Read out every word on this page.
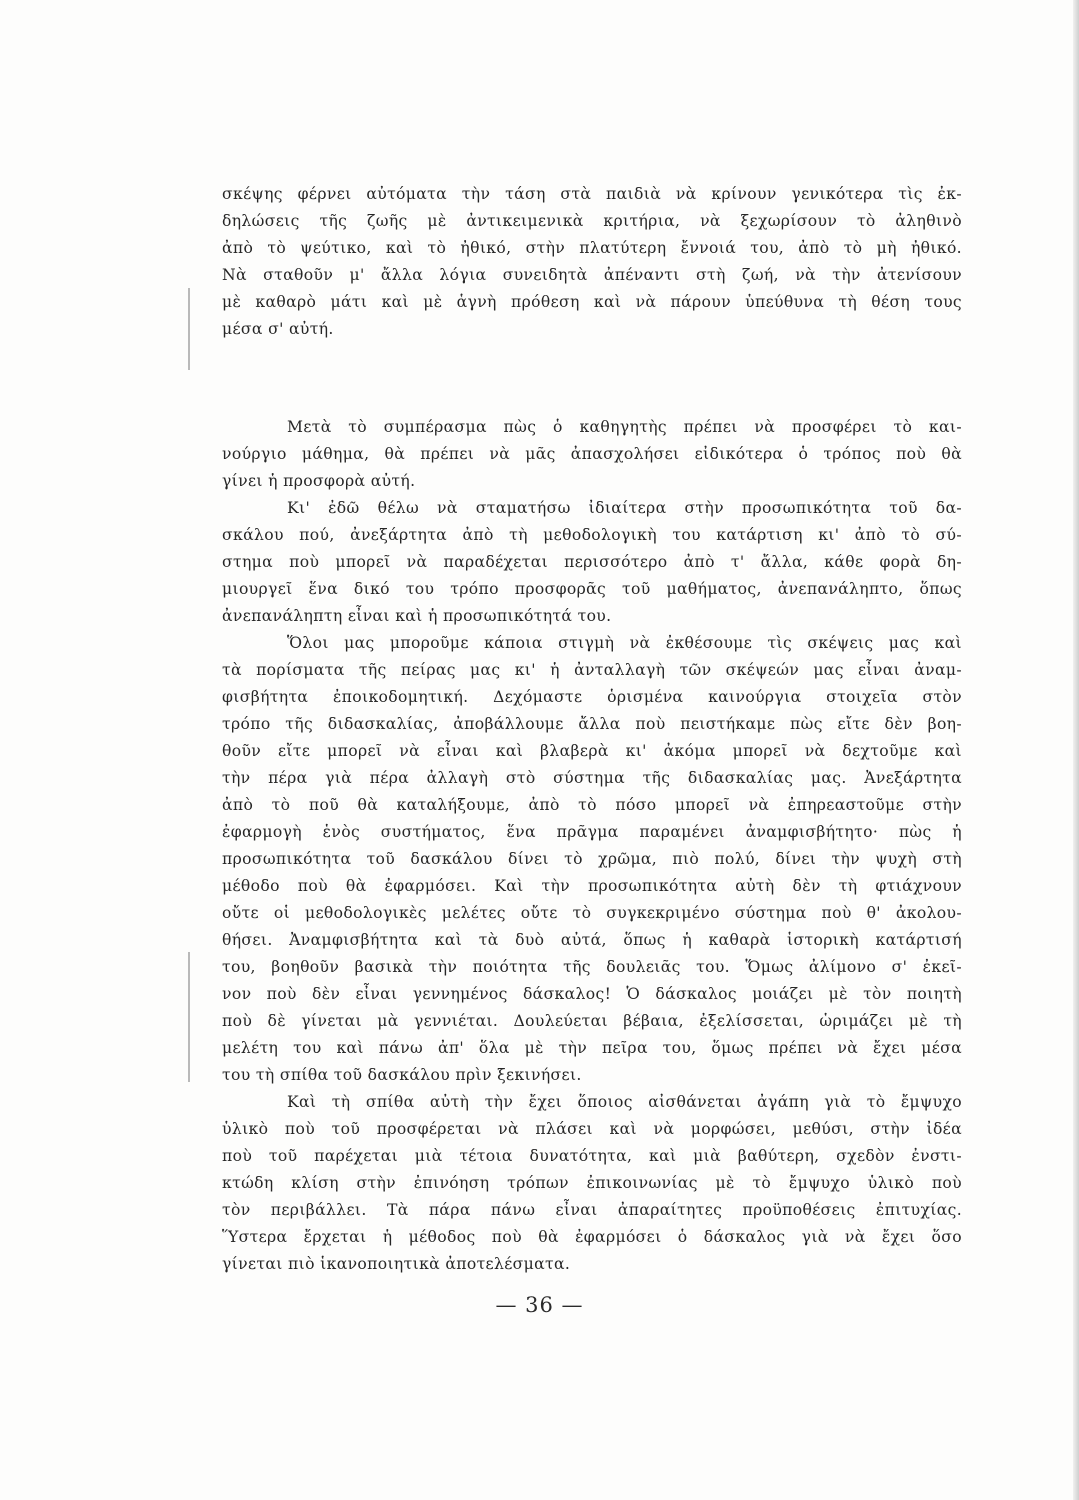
σκέψης φέρνει αὐτόματα τὴν τάση στὰ παιδιὰ νὰ κρίνουν γενικότερα τὶς ἐκ-
δηλώσεις τῆς ζωῆς μὲ ἀντικειμενικὰ κριτήρια, νὰ ξεχωρίσουν τὸ ἀληθινὸ
ἀπὸ τὸ ψεύτικο, καὶ τὸ ἠθικό, στὴν πλατύτερη ἔννοιά του, ἀπὸ τὸ μὴ ἠθικό.
Νὰ σταθοῦν μ' ἄλλα λόγια συνειδητὰ ἀπέναντι στὴ ζωή, νὰ τὴν ἀτενίσουν
μὲ καθαρὸ μάτι καὶ μὲ ἁγνὴ πρόθεση καὶ νὰ πάρουν ὑπεύθυνα τὴ θέση τους
μέσα σ' αὐτή.
Μετὰ τὸ συμπέρασμα πὼς ὁ καθηγητὴς πρέπει νὰ προσφέρει τὸ και-
νούργιο μάθημα, θὰ πρέπει νὰ μᾶς ἀπασχολήσει εἰδικότερα ὁ τρόπος ποὺ θὰ
γίνει ἡ προσφορὰ αὐτή.
Κι' ἐδῶ θέλω νὰ σταματήσω ἰδιαίτερα στὴν προσωπικότητα τοῦ δα-
σκάλου πού, ἀνεξάρτητα ἀπὸ τὴ μεθοδολογικὴ του κατάρτιση κι' ἀπὸ τὸ σύ-
στημα ποὺ μπορεῖ νὰ παραδέχεται περισσότερο ἀπὸ τ' ἄλλα, κάθε φορὰ δη-
μιουργεῖ ἕνα δικό του τρόπο προσφορᾶς τοῦ μαθήματος, ἀνεπανάληπτο, ὅπως
ἀνεπανάληπτη εἶναι καὶ ἡ προσωπικότητά του.
Ὅλοι μας μποροῦμε κάποια στιγμὴ νὰ ἐκθέσουμε τὶς σκέψεις μας καὶ
τὰ πορίσματα τῆς πείρας μας κι' ἡ ἀνταλλαγὴ τῶν σκέψεών μας εἶναι ἀναμ-
φισβήτητα ἐποικοδομητική. Δεχόμαστε ὁρισμένα καινούργια στοιχεῖα στὸν
τρόπο τῆς διδασκαλίας, ἀποβάλλουμε ἄλλα ποὺ πειστήκαμε πὼς εἴτε δὲν βοη-
θοῦν εἴτε μπορεῖ νὰ εἶναι καὶ βλαβερὰ κι' ἀκόμα μπορεῖ νὰ δεχτοῦμε καὶ
τὴν πέρα γιὰ πέρα ἀλλαγὴ στὸ σύστημα τῆς διδασκαλίας μας. Ἀνεξάρτητα
ἀπὸ τὸ ποῦ θὰ καταλήξουμε, ἀπὸ τὸ πόσο μπορεῖ νὰ ἐπηρεαστοῦμε στὴν
ἐφαρμογὴ ἑνὸς συστήματος, ἕνα πρᾶγμα παραμένει ἀναμφισβήτητο· πὼς ἡ
προσωπικότητα τοῦ δασκάλου δίνει τὸ χρῶμα, πιὸ πολύ, δίνει τὴν ψυχὴ στὴ
μέθοδο ποὺ θὰ ἐφαρμόσει. Καὶ τὴν προσωπικότητα αὐτὴ δὲν τὴ φτιάχνουν
οὔτε οἱ μεθοδολογικὲς μελέτες οὔτε τὸ συγκεκριμένο σύστημα ποὺ θ' ἀκολου-
θήσει. Ἀναμφισβήτητα καὶ τὰ δυὸ αὐτά, ὅπως ἡ καθαρὰ ἱστορικὴ κατάρτισή
του, βοηθοῦν βασικὰ τὴν ποιότητα τῆς δουλειᾶς του. Ὅμως ἀλίμονο σ' ἐκεῖ-
νον ποὺ δὲν εἶναι γεννημένος δάσκαλος! Ὁ δάσκαλος μοιάζει μὲ τὸν ποιητὴ
ποὺ δὲ γίνεται μὰ γεννιέται. Δουλεύεται βέβαια, ἐξελίσσεται, ὡριμάζει μὲ τὴ
μελέτη του καὶ πάνω ἀπ' ὅλα μὲ τὴν πεῖρα του, ὅμως πρέπει νὰ ἔχει μέσα
του τὴ σπίθα τοῦ δασκάλου πρὶν ξεκινήσει.
Καὶ τὴ σπίθα αὐτὴ τὴν ἔχει ὅποιος αἰσθάνεται ἀγάπη γιὰ τὸ ἔμψυχο
ὑλικὸ ποὺ τοῦ προσφέρεται νὰ πλάσει καὶ νὰ μορφώσει, μεθύσι, στὴν ἰδέα
ποὺ τοῦ παρέχεται μιὰ τέτοια δυνατότητα, καὶ μιὰ βαθύτερη, σχεδὸν ἐνστι-
κτώδη κλίση στὴν ἐπινόηση τρόπων ἐπικοινωνίας μὲ τὸ ἔμψυχο ὑλικὸ ποὺ
τὸν περιβάλλει. Τὰ πάρα πάνω εἶναι ἀπαραίτητες προϋποθέσεις ἐπιτυχίας.
Ὕστερα ἔρχεται ἡ μέθοδος ποὺ θὰ ἐφαρμόσει ὁ δάσκαλος γιὰ νὰ ἔχει ὅσο
γίνεται πιὸ ἱκανοποιητικὰ ἀποτελέσματα.
— 36 —
